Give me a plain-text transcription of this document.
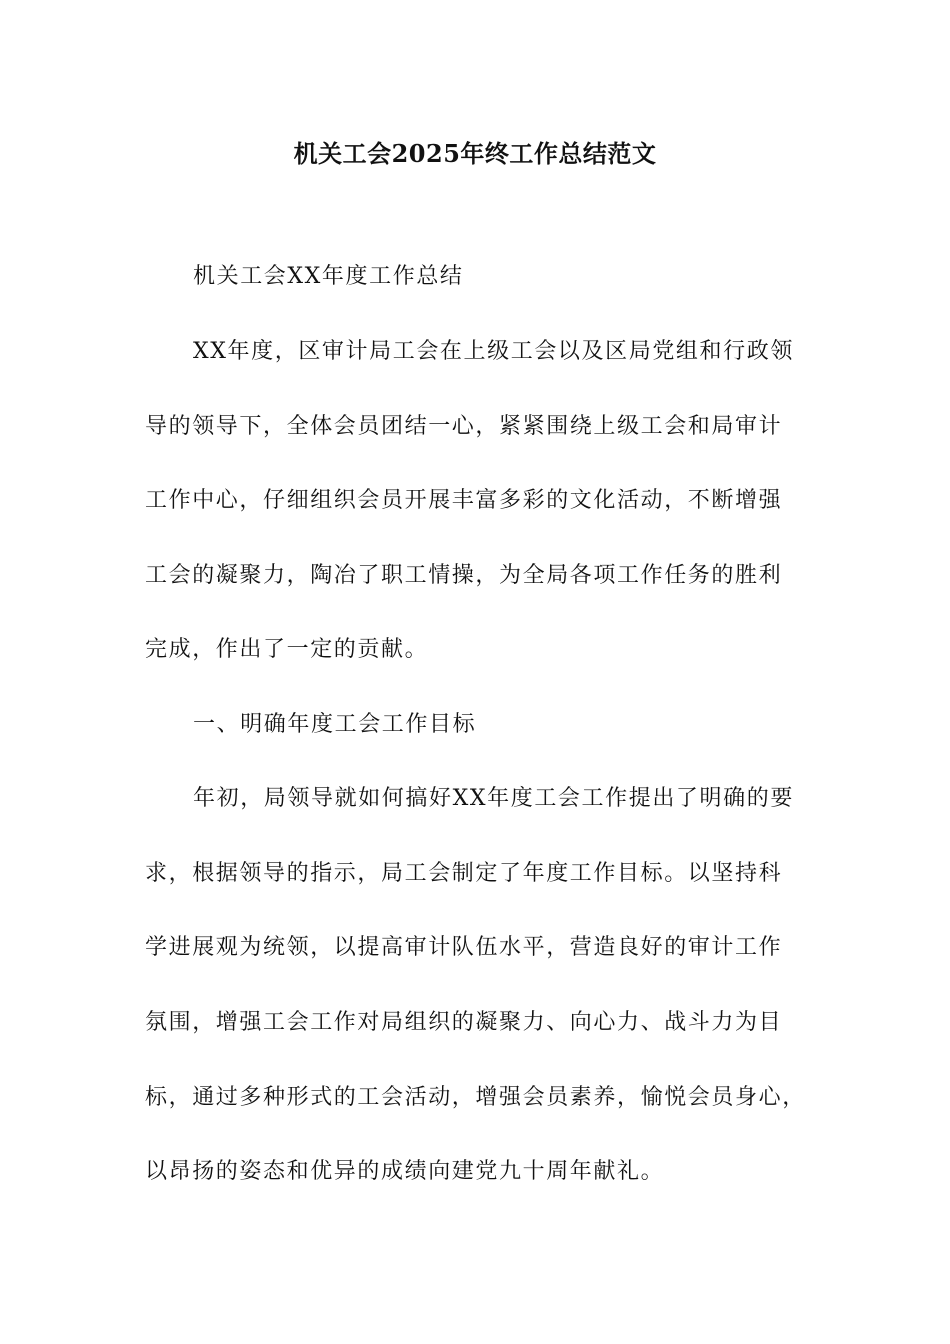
机关工会2025年终工作总结范文
机关工会XX年度工作总结
XX年度，区审计局工会在上级工会以及区局党组和行政领
导的领导下，全体会员团结一心，紧紧围绕上级工会和局审计
工作中心，仔细组织会员开展丰富多彩的文化活动，不断增强
工会的凝聚力，陶冶了职工情操，为全局各项工作任务的胜利
完成，作出了一定的贡献。
一、明确年度工会工作目标
年初，局领导就如何搞好XX年度工会工作提出了明确的要
求，根据领导的指示，局工会制定了年度工作目标。以坚持科
学进展观为统领，以提高审计队伍水平，营造良好的审计工作
氛围，增强工会工作对局组织的凝聚力、向心力、战斗力为目
标，通过多种形式的工会活动，增强会员素养，愉悦会员身心，
以昂扬的姿态和优异的成绩向建党九十周年献礼。
